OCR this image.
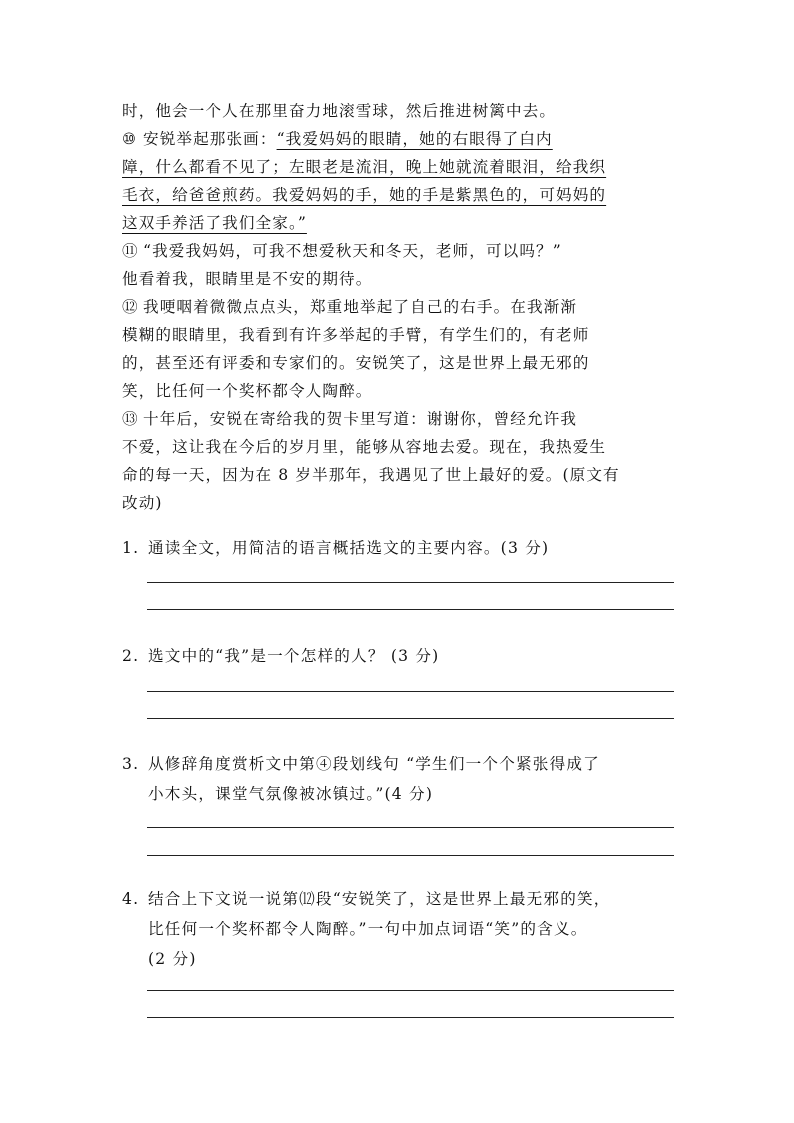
时，他会一个人在那里奋力地滚雪球，然后推进树篱中去。

⑩ 安锐举起那张画：“我爱妈妈的眼睛，她的右眼得了白内
障，什么都看不见了；左眼老是流泪，晚上她就流着眼泪，给我织
毛衣，给爸爸煎药。我爱妈妈的手，她的手是紫黑色的，可妈妈的
这双手养活了我们全家。”

⑪ “我爱我妈妈，可我不想爱秋天和冬天，老师，可以吗？”
他看着我，眼睛里是不安的期待。

⑫ 我哽咽着微微点点头，郑重地举起了自己的右手。在我渐渐
模糊的眼睛里，我看到有许多举起的手臂，有学生们的，有老师
的，甚至还有评委和专家们的。安锐笑了，这是世界上最无邪的
笑，比任何一个奖杯都令人陶醉。

⑬ 十年后，安锐在寄给我的贺卡里写道：谢谢你，曾经允许我
不爱，这让我在今后的岁月里，能够从容地去爱。现在，我热爱生
命的每一天，因为在 8 岁半那年，我遇见了世上最好的爱。(原文有
改动)

1. 通读全文，用简洁的语言概括选文的主要内容。(3 分)
2. 选文中的“我”是一个怎样的人？ (3 分)
3. 从修辞角度赏析文中第④段划线句 “学生们一个个紧张得成了
小木头，课堂气氛像被冰镇过。”(4 分)
4. 结合上下文说一说第⑿段“安锐笑了，这是世界上最无邪的笑，
比任何一个奖杯都令人陶醉。”一句中加点词语“笑”的含义。
(2 分)
